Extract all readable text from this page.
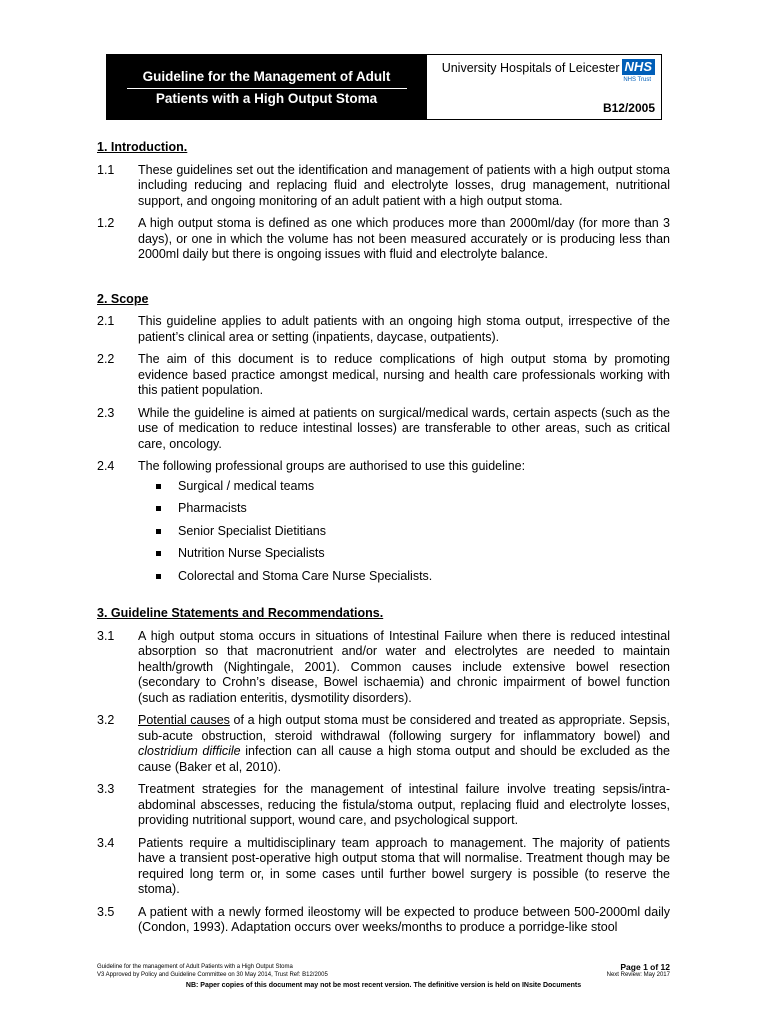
Guideline for the Management of Adult
Patients with a High Output Stoma
University Hospitals of Leicester NHS
NHS Trust
B12/2005

1. Introduction.

1.1	These guidelines set out the identification and management of patients with a high output stoma including reducing and replacing fluid and electrolyte losses, drug management, nutritional support, and ongoing monitoring of an adult patient with a high output stoma.
1.2	A high output stoma is defined as one which produces more than 2000ml/day (for more than 3 days), or one in which the volume has not been measured accurately or is producing less than 2000ml daily but there is ongoing issues with fluid and electrolyte balance.

2. Scope

2.1	This guideline applies to adult patients with an ongoing high stoma output, irrespective of the patient’s clinical area or setting (inpatients, daycase, outpatients).
2.2	The aim of this document is to reduce complications of high output stoma by promoting evidence based practice amongst medical, nursing and health care professionals working with this patient population.
2.3	While the guideline is aimed at patients on surgical/medical wards, certain aspects (such as the use of medication to reduce intestinal losses) are transferable to other areas, such as critical care, oncology.
2.4	The following professional groups are authorised to use this guideline:
Surgical / medical teams
Pharmacists
Senior Specialist Dietitians
Nutrition Nurse Specialists
Colorectal and Stoma Care Nurse Specialists.

3. Guideline Statements and Recommendations.

3.1	A high output stoma occurs in situations of Intestinal Failure when there is reduced intestinal absorption so that macronutrient and/or water and electrolytes are needed to maintain health/growth (Nightingale, 2001). Common causes include extensive bowel resection (secondary to Crohn’s disease, Bowel ischaemia) and chronic impairment of bowel function (such as radiation enteritis, dysmotility disorders).
3.2	Potential causes of a high output stoma must be considered and treated as appropriate. Sepsis, sub-acute obstruction, steroid withdrawal (following surgery for inflammatory bowel) and clostridium difficile infection can all cause a high stoma output and should be excluded as the cause (Baker et al, 2010).
3.3	Treatment strategies for the management of intestinal failure involve treating sepsis/intra-abdominal abscesses, reducing the fistula/stoma output, replacing fluid and electrolyte losses, providing nutritional support, wound care, and psychological support.
3.4	Patients require a multidisciplinary team approach to management. The majority of patients have a transient post-operative high output stoma that will normalise. Treatment though may be required long term or, in some cases until further bowel surgery is possible (to reserve the stoma).
3.5	A patient with a newly formed ileostomy will be expected to produce between 500-2000ml daily (Condon, 1993). Adaptation occurs over weeks/months to produce a porridge-like stool
Guideline for the management of Adult Patients with a High Output Stoma	Page 1 of 12
V3 Approved by Policy and Guideline Committee on 30 May 2014, Trust Ref: B12/2005	Next Review: May 2017
NB: Paper copies of this document may not be most recent version. The definitive version is held on INsite Documents
